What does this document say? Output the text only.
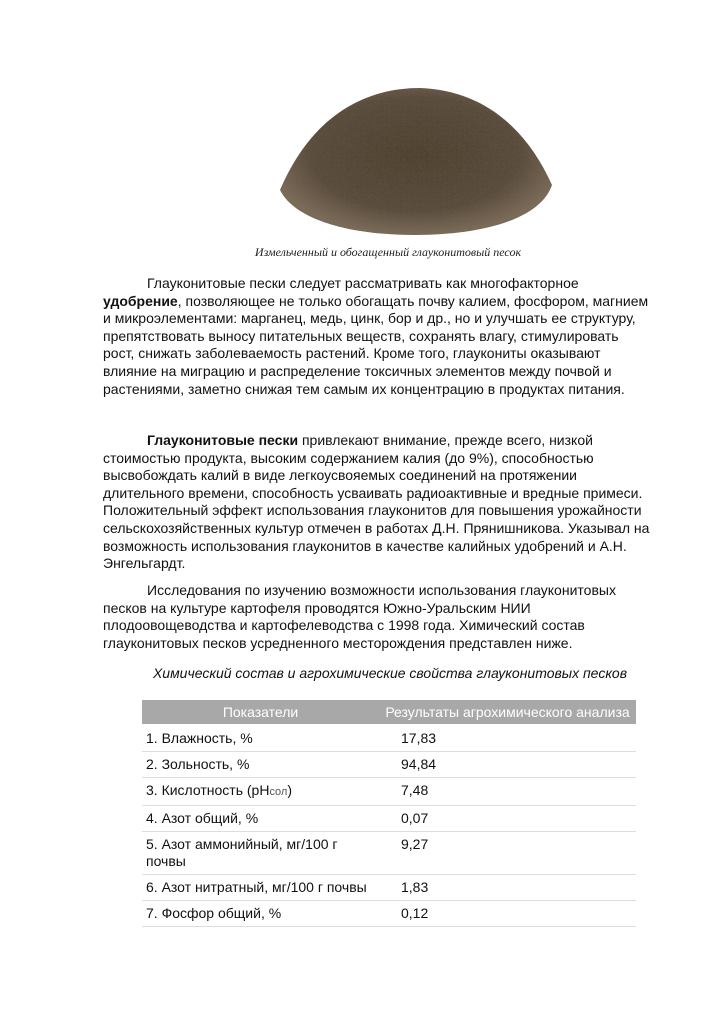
Измельченный и обогащенный глауконитовый песок

Глауконитовые пески следует рассматривать как многофакторное удобрение, позволяющее не только обогащать почву калием, фосфором, магнием и микроэлементами: марганец, медь, цинк, бор и др., но и улучшать ее структуру, препятствовать выносу питательных веществ, сохранять влагу, стимулировать рост, снижать заболеваемость растений. Кроме того, глаукониты оказывают влияние на миграцию и распределение токсичных элементов между почвой и растениями, заметно снижая тем самым их концентрацию в продуктах питания.

Глауконитовые пески привлекают внимание, прежде всего, низкой стоимостью продукта, высоким содержанием калия (до 9%), способностью высвобождать калий в виде легкоусвояемых соединений на протяжении длительного времени, способность усваивать радиоактивные и вредные примеси. Положительный эффект использования глауконитов для повышения урожайности сельскохозяйственных культур отмечен в работах Д.Н. Прянишникова. Указывал на возможность использования глауконитов в качестве калийных удобрений и А.Н. Энгельгардт.

Исследования по изучению возможности использования глауконитовых песков на культуре картофеля проводятся Южно-Уральским НИИ плодоовощеводства и картофелеводства с 1998 года. Химический состав глауконитовых песков усредненного месторождения представлен ниже.

Химический состав и агрохимические свойства глауконитовых песков
Показатели	Результаты агрохимического анализа
1. Влажность, %	17,83
2. Зольность, %	94,84
3. Кислотность (pHсол)	7,48
4. Азот общий, %	0,07
5. Азот аммонийный, мг/100 г почвы	9,27
6. Азот нитратный, мг/100 г почвы	1,83
7. Фосфор общий, %	0,12
